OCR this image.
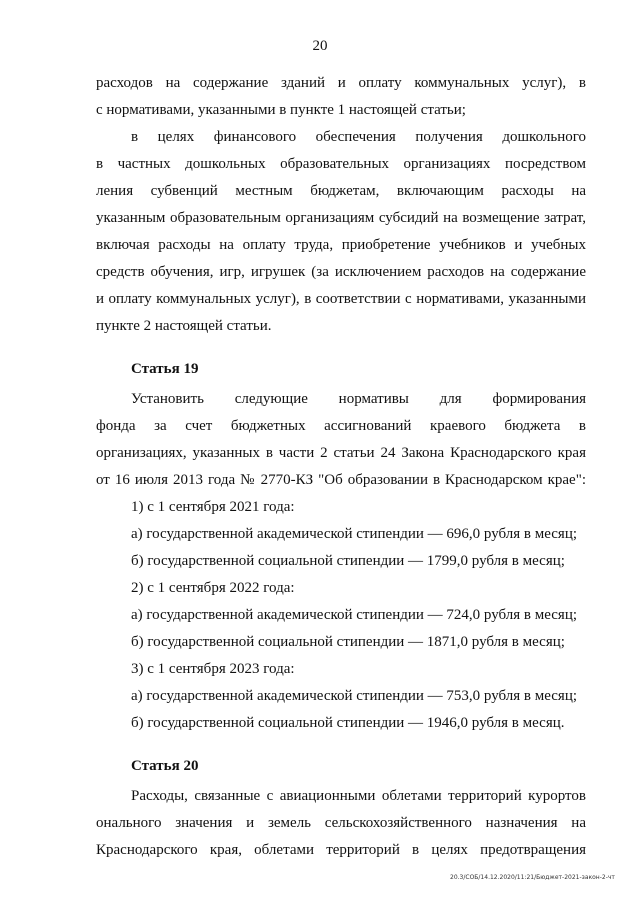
20
расходов на содержание зданий и оплату коммунальных услуг), в
с нормативами, указанными в пункте 1 настоящей статьи;
в целях финансового обеспечения получения дошкольного
в частных дошкольных образовательных организациях посредством
ления субвенций местным бюджетам, включающим расходы на
указанным образовательным организациям субсидий на возмещение затрат,
включая расходы на оплату труда, приобретение учебников и учебных
средств обучения, игр, игрушек (за исключением расходов на содержание
и оплату коммунальных услуг), в соответствии с нормативами, указанными
пункте 2 настоящей статьи.
Статья 19
Установить следующие нормативы для формирования
фонда за счет бюджетных ассигнований краевого бюджета в
организациях, указанных в части 2 статьи 24 Закона Краснодарского края
от 16 июля 2013 года № 2770-КЗ "Об образовании в Краснодарском крае":
1) с 1 сентября 2021 года:
а) государственной академической стипендии — 696,0 рубля в месяц;
б) государственной социальной стипендии — 1799,0 рубля в месяц;
2) с 1 сентября 2022 года:
а) государственной академической стипендии — 724,0 рубля в месяц;
б) государственной социальной стипендии — 1871,0 рубля в месяц;
3) с 1 сентября 2023 года:
а) государственной академической стипендии — 753,0 рубля в месяц;
б) государственной социальной стипендии — 1946,0 рубля в месяц.
Статья 20
Расходы, связанные с авиационными облетами территорий курортов
онального значения и земель сельскохозяйственного назначения на
Краснодарского края, облетами территорий в целях предотвращения
20.3/СОБ/14.12.2020/11:21/Бюджет-2021-закон-2-чт
